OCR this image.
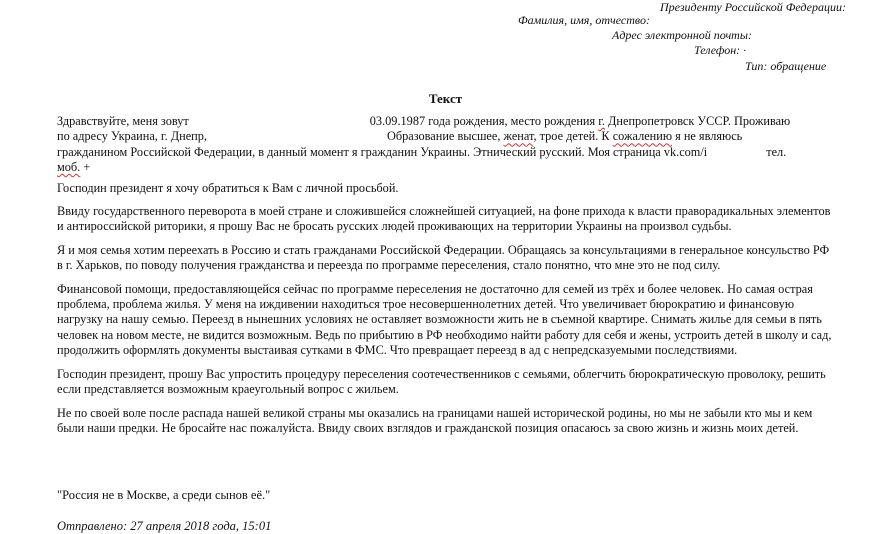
Президенту Российской Федерации:
Фамилия, имя, отчество:
Адрес электронной почты:
Телефон: ·
Тип: обращение
Текст

Здравствуйте, меня зовут	03.09.1987 года рождения, место рождения г. Днепропетровск УССР. Проживаю
по адресу Украина, г. Днепр,	Образование высшее, женат, трое детей. К сожалению я не являюсь
гражданином Российской Федерации, в данный момент я гражданин Украины. Этнический русский. Моя страница vk.com/i	тел.
моб. +

Господин президент я хочу обратиться к Вам с личной просьбой.

Ввиду государственного переворота в моей стране и сложившейся сложнейшей ситуацией, на фоне прихода к власти праворадикальных элементов и антироссийской риторики, я прошу Вас не бросать русских людей проживающих на территории Украины на произвол судьбы.

Я и моя семья хотим переехать в Россию и стать гражданами Российской Федерации. Обращаясь за консультациями в генеральное консульство РФ в г. Харьков, по поводу получения гражданства и переезда по программе переселения, стало понятно, что мне это не под силу.

Финансовой помощи, предоставляющейся сейчас по программе переселения не достаточно для семей из трёх и более человек. Но самая острая проблема, проблема жилья. У меня на иждивении находиться трое несовершеннолетних детей. Что увеличивает бюрократию и финансовую нагрузку на нашу семью. Переезд в нынешних условиях не оставляет возможности жить не в съемной квартире. Снимать жилье для семьи в пять человек на новом месте, не видится возможным. Ведь по прибытию в РФ необходимо найти работу для себя и жены, устроить детей в школу и сад, продолжить оформлять документы выстаивая сутками в ФМС. Что превращает переезд в ад с непредсказуемыми последствиями.

Господин президент, прошу Вас упростить процедуру переселения соотечественников с семьями, облегчить бюрократическую проволоку, решить если представляется возможным краеугольный вопрос с жильем.

Не по своей воле после распада нашей великой страны мы оказались на границами нашей исторической родины, но мы не забыли кто мы и кем были наши предки. Не бросайте нас пожалуйста. Ввиду своих взглядов и гражданской позиция опасаюсь за свою жизнь и жизнь моих детей.

"Россия не в Москве, а среди сынов её."
Отправлено: 27 апреля 2018 года, 15:01
